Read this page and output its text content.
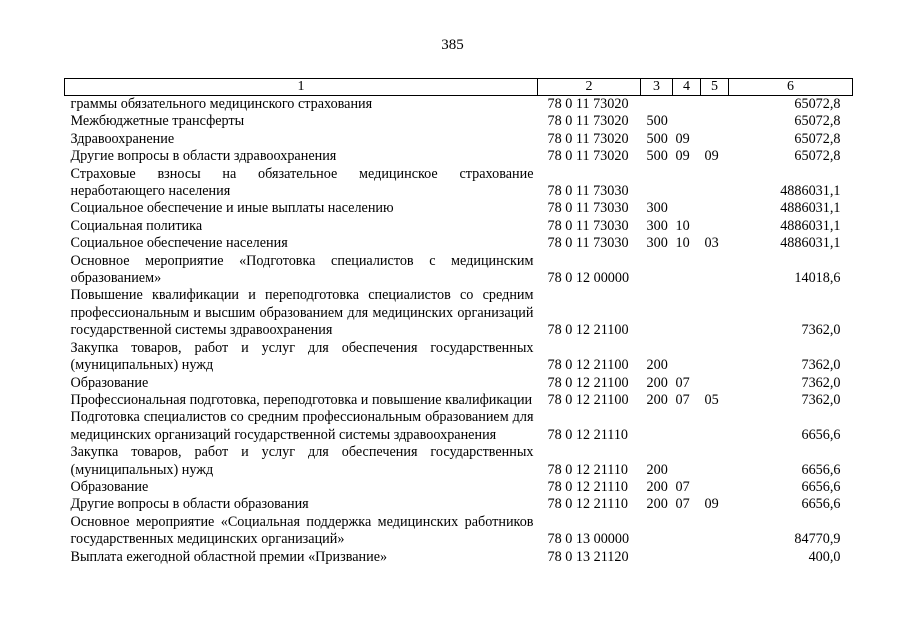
385
1	2	3	4	5	6
граммы обязательного медицинского страхования	78 0 11 73020				65072,8
Межбюджетные трансферты	78 0 11 73020	500			65072,8
Здравоохранение	78 0 11 73020	500	09		65072,8
Другие вопросы в области здравоохранения	78 0 11 73020	500	09	09	65072,8
Страховые взносы на обязательное медицинское страхование неработающего населения	78 0 11 73030				4886031,1
Социальное обеспечение и иные выплаты населению	78 0 11 73030	300			4886031,1
Социальная политика	78 0 11 73030	300	10		4886031,1
Социальное обеспечение населения	78 0 11 73030	300	10	03	4886031,1
Основное мероприятие «Подготовка специалистов с медицинским образованием»	78 0 12 00000				14018,6
Повышение квалификации и переподготовка специалистов со средним профессиональным и высшим образованием для медицинских организаций государственной системы здравоохранения	78 0 12 21100				7362,0
Закупка товаров, работ и услуг для обеспечения государственных (муниципальных) нужд	78 0 12 21100	200			7362,0
Образование	78 0 12 21100	200	07		7362,0
Профессиональная подготовка, переподготовка и повышение квалификации	78 0 12 21100	200	07	05	7362,0
Подготовка специалистов со средним профессиональным образованием для медицинских организаций государственной системы здравоохранения	78 0 12 21110				6656,6
Закупка товаров, работ и услуг для обеспечения государственных (муниципальных) нужд	78 0 12 21110	200			6656,6
Образование	78 0 12 21110	200	07		6656,6
Другие вопросы в области образования	78 0 12 21110	200	07	09	6656,6
Основное мероприятие «Социальная поддержка медицинских работников государственных медицинских организаций»	78 0 13 00000				84770,9
Выплата ежегодной областной премии «Призвание»	78 0 13 21120				400,0
